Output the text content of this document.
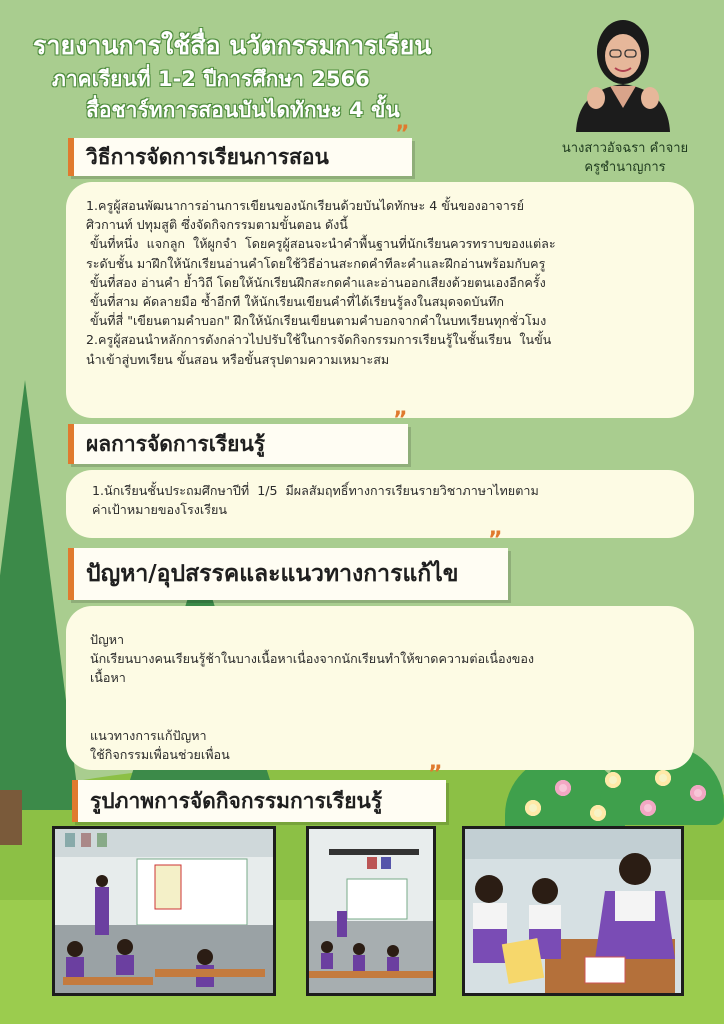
รายงานการใช้สื่อ นวัตกรรมการเรียน
ภาคเรียนที่ 1-2 ปีการศึกษา 2566
สื่อชาร์ทการสอนบันไดทักษะ 4 ขั้น
นางสาวอัจฉรา คำจาย
ครูชำนาญการ
วิธีการจัดการเรียนการสอน
”

1.ครูผู้สอนพัฒนาการอ่านการเขียนของนักเรียนด้วยบันไดทักษะ 4 ขั้นของอาจารย์

ศิวกานท์ ปทุมสูติ ซึ่งจัดกิจกรรมตามขั้นตอน ดังนี้

ขั้นที่หนึ่ง  แจกลูก  ให้ผูกจำ  โดยครูผู้สอนจะนำคำพื้นฐานที่นักเรียนควรทราบของแต่ละ

ระดับชั้น มาฝึกให้นักเรียนอ่านคำโดยใช้วิธีอ่านสะกดคำทีละคำและฝึกอ่านพร้อมกับครู

ขั้นที่สอง อ่านคำ ย้ำวิถี โดยให้นักเรียนฝึกสะกดคำและอ่านออกเสียงด้วยตนเองอีกครั้ง

ขั้นที่สาม คัดลายมือ ซ้ำอีกที ให้นักเรียนเขียนคำที่ได้เรียนรู้ลงในสมุดจดบันทึก

ขั้นที่สี่ "เขียนตามคำบอก" ฝึกให้นักเรียนเขียนตามคำบอกจากคำในบทเรียนทุกชั่วโมง

2.ครูผู้สอนนำหลักการดังกล่าวไปปรับใช้ในการจัดกิจกรรมการเรียนรู้ในชั้นเรียน  ในขั้น

นำเข้าสู่บทเรียน ขั้นสอน หรือขั้นสรุปตามความเหมาะสม

ผลการจัดการเรียนรู้
”

1.นักเรียนชั้นประถมศึกษาปีที่  1/5  มีผลสัมฤทธิ์ทางการเรียนรายวิชาภาษาไทยตาม

ค่าเป้าหมายของโรงเรียน

ปัญหา/อุปสรรคและแนวทางการแก้ไข
”

ปัญหา

นักเรียนบางคนเรียนรู้ช้าในบางเนื้อหาเนื่องจากนักเรียนทำให้ขาดความต่อเนื่องของ

เนื้อหา

แนวทางการแก้ปัญหา

ใช้กิจกรรมเพื่อนช่วยเพื่อน

รูปภาพการจัดกิจกรรมการเรียนรู้
”
